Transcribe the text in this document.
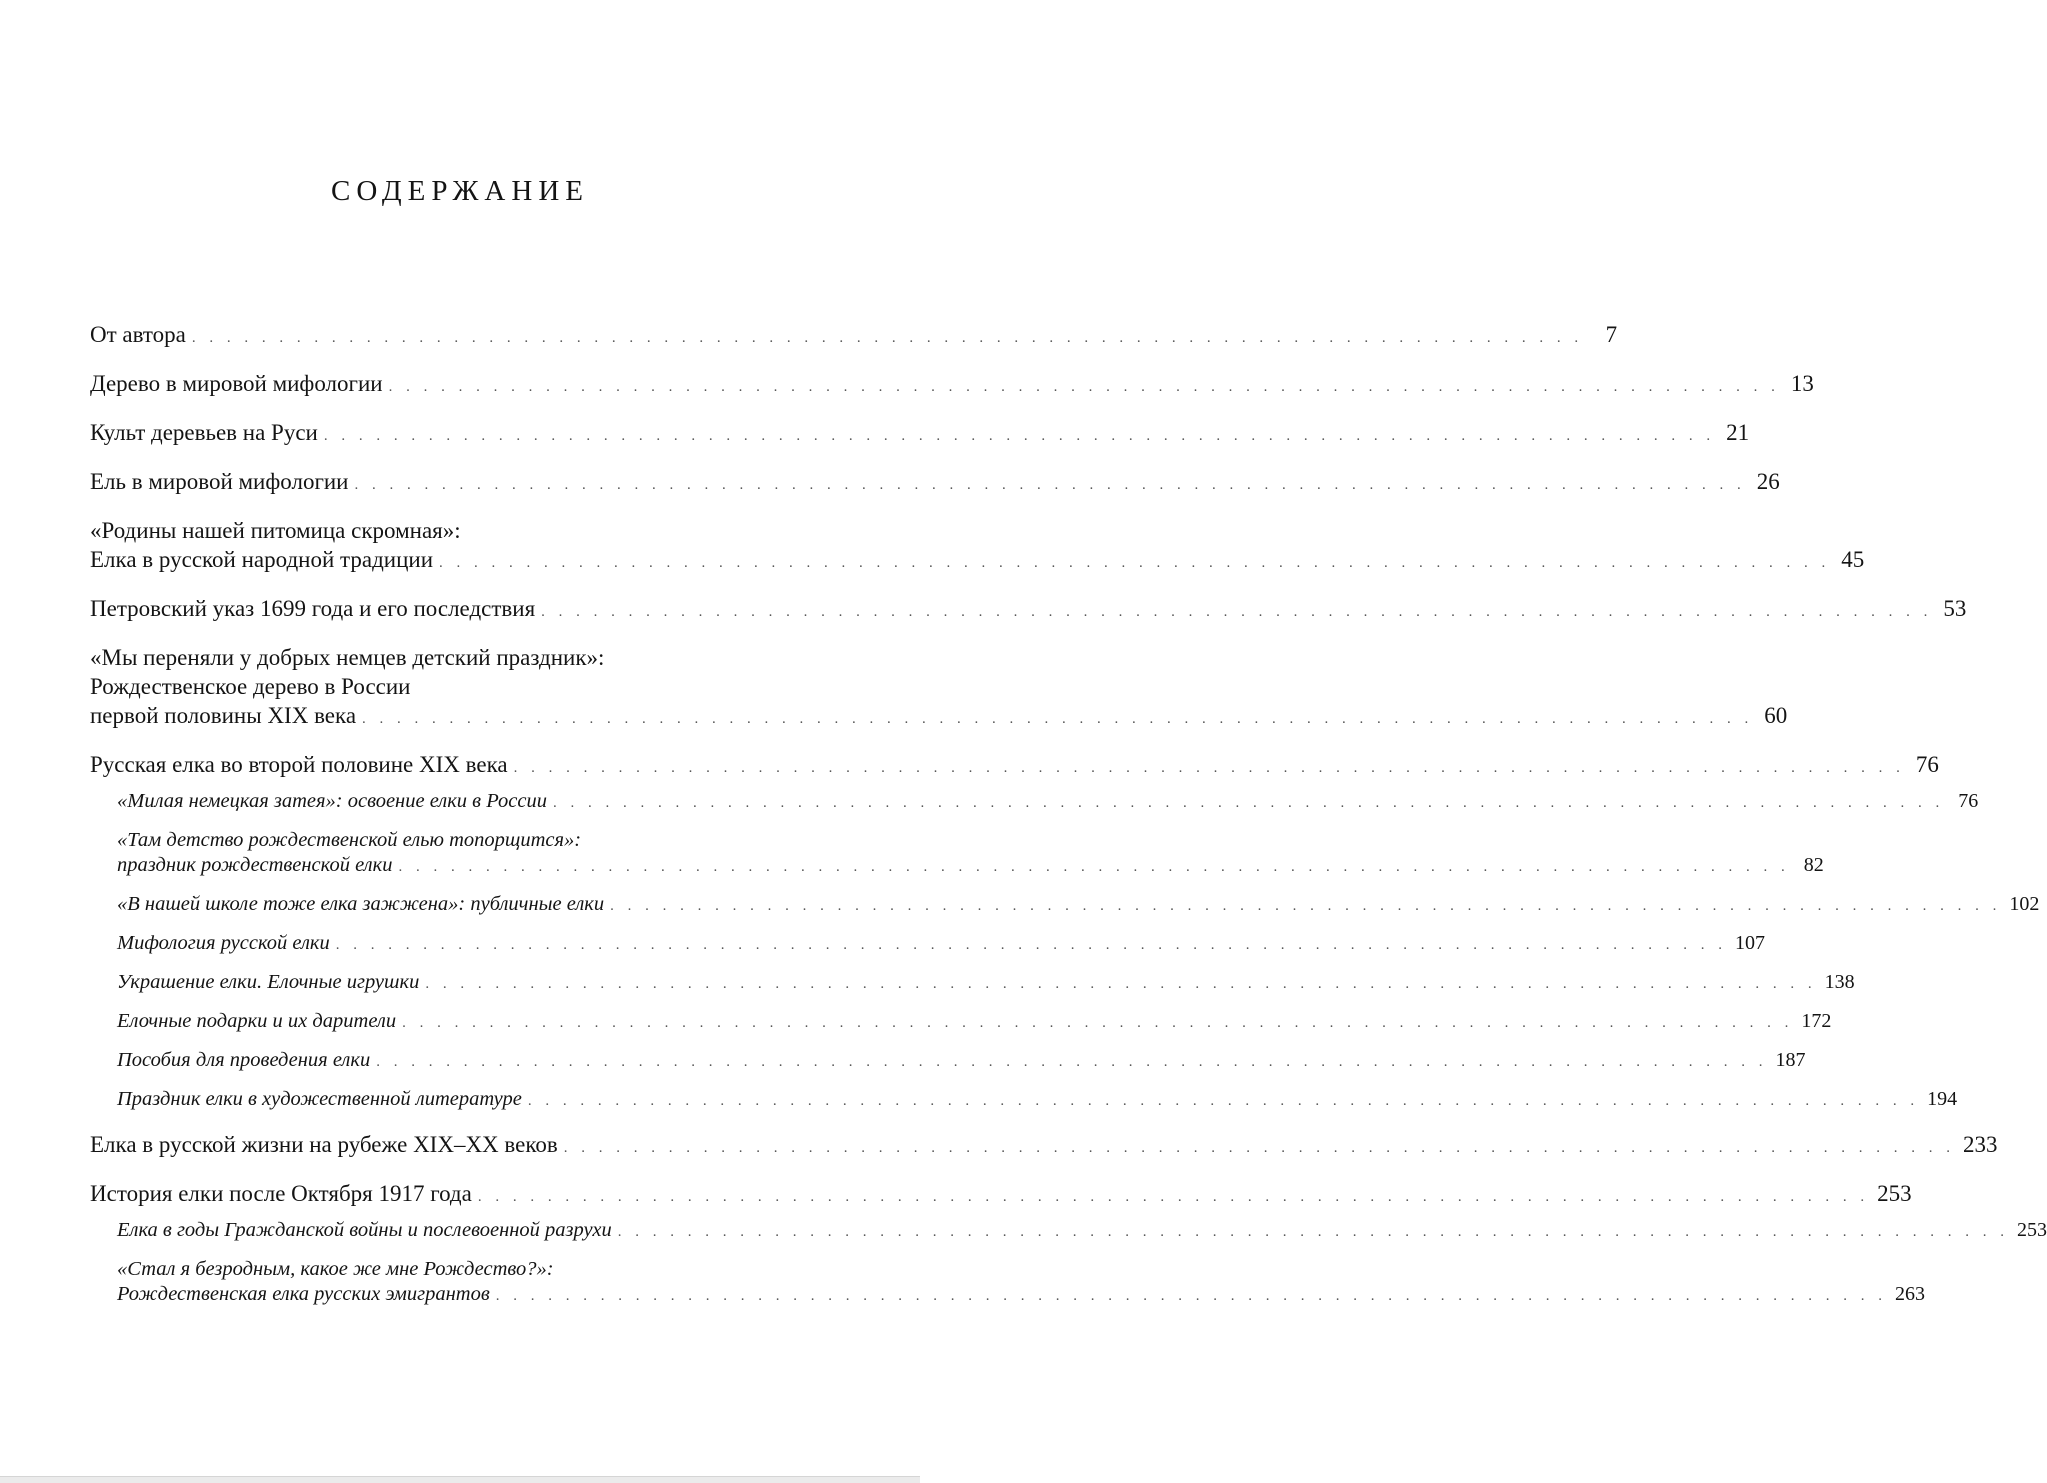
СОДЕРЖАНИЕ
От автора . . . . . . . . . . . . . . . . . . . . . . . . . . . . . . . . . . . . . . . . . . . . . . . . . . . . . . . . . . . . . . . . . . . . . . . . . . . . . . . . 7
Дерево в мировой мифологии . . . . . . . . . . . . . . . . . . . . . . . . . . . . . . . . . . . . . . . . . . . . . . . . . . . . . . . . . . . . . . . . . . . . . . . . . . . . . . . . 13
Культ деревьев на Руси . . . . . . . . . . . . . . . . . . . . . . . . . . . . . . . . . . . . . . . . . . . . . . . . . . . . . . . . . . . . . . . . . . . . . . . . . . . . . . . . 21
Ель в мировой мифологии . . . . . . . . . . . . . . . . . . . . . . . . . . . . . . . . . . . . . . . . . . . . . . . . . . . . . . . . . . . . . . . . . . . . . . . . . . . . . . . . 26
«Родины нашей питомица скромная»:
Елка в русской народной традиции . . . . . . . . . . . . . . . . . . . . . . . . . . . . . . . . . . . . . . . . . . . . . . . . . . . . . . . . . . . . . . . . . . . . . . . . . . . . . . . . 45
Петровский указ 1699 года и его последствия . . . . . . . . . . . . . . . . . . . . . . . . . . . . . . . . . . . . . . . . . . . . . . . . . . . . . . . . . . . . . . . . . . . . . . . . . . . . . . . . 53
«Мы переняли у добрых немцев детский праздник»:
Рождественское дерево в России
первой половины XIX века . . . . . . . . . . . . . . . . . . . . . . . . . . . . . . . . . . . . . . . . . . . . . . . . . . . . . . . . . . . . . . . . . . . . . . . . . . . . . . . . 60
Русская елка во второй половине XIX века . . . . . . . . . . . . . . . . . . . . . . . . . . . . . . . . . . . . . . . . . . . . . . . . . . . . . . . . . . . . . . . . . . . . . . . . . . . . . . . . 76
«Милая немецкая затея»: освоение елки в России . . . . . . . . . . . . . . . . . . . . . . . . . . . . . . . . . . . . . . . . . . . . . . . . . . . . . . . . . . . . . . . . . . . . . . . . . . . . . . . . 76
«Там детство рождественской елью топорщится»:
праздник рождественской елки . . . . . . . . . . . . . . . . . . . . . . . . . . . . . . . . . . . . . . . . . . . . . . . . . . . . . . . . . . . . . . . . . . . . . . . . . . . . . . . . 82
«В нашей школе тоже елка зажжена»: публичные елки . . . . . . . . . . . . . . . . . . . . . . . . . . . . . . . . . . . . . . . . . . . . . . . . . . . . . . . . . . . . . . . . . . . . . . . . . . . . . . . . 102
Мифология русской елки . . . . . . . . . . . . . . . . . . . . . . . . . . . . . . . . . . . . . . . . . . . . . . . . . . . . . . . . . . . . . . . . . . . . . . . . . . . . . . . . 107
Украшение елки. Елочные игрушки . . . . . . . . . . . . . . . . . . . . . . . . . . . . . . . . . . . . . . . . . . . . . . . . . . . . . . . . . . . . . . . . . . . . . . . . . . . . . . . . 138
Елочные подарки и их дарители . . . . . . . . . . . . . . . . . . . . . . . . . . . . . . . . . . . . . . . . . . . . . . . . . . . . . . . . . . . . . . . . . . . . . . . . . . . . . . . . 172
Пособия для проведения елки . . . . . . . . . . . . . . . . . . . . . . . . . . . . . . . . . . . . . . . . . . . . . . . . . . . . . . . . . . . . . . . . . . . . . . . . . . . . . . . . 187
Праздник елки в художественной литературе . . . . . . . . . . . . . . . . . . . . . . . . . . . . . . . . . . . . . . . . . . . . . . . . . . . . . . . . . . . . . . . . . . . . . . . . . . . . . . . . 194
Елка в русской жизни на рубеже XIX–XX веков . . . . . . . . . . . . . . . . . . . . . . . . . . . . . . . . . . . . . . . . . . . . . . . . . . . . . . . . . . . . . . . . . . . . . . . . . . . . . . . . 233
История елки после Октября 1917 года . . . . . . . . . . . . . . . . . . . . . . . . . . . . . . . . . . . . . . . . . . . . . . . . . . . . . . . . . . . . . . . . . . . . . . . . . . . . . . . . 253
Елка в годы Гражданской войны и послевоенной разрухи . . . . . . . . . . . . . . . . . . . . . . . . . . . . . . . . . . . . . . . . . . . . . . . . . . . . . . . . . . . . . . . . . . . . . . . . . . . . . . . . 253
«Стал я безродным, какое же мне Рождество?»:
Рождественская елка русских эмигрантов . . . . . . . . . . . . . . . . . . . . . . . . . . . . . . . . . . . . . . . . . . . . . . . . . . . . . . . . . . . . . . . . . . . . . . . . . . . . . . . . 263
